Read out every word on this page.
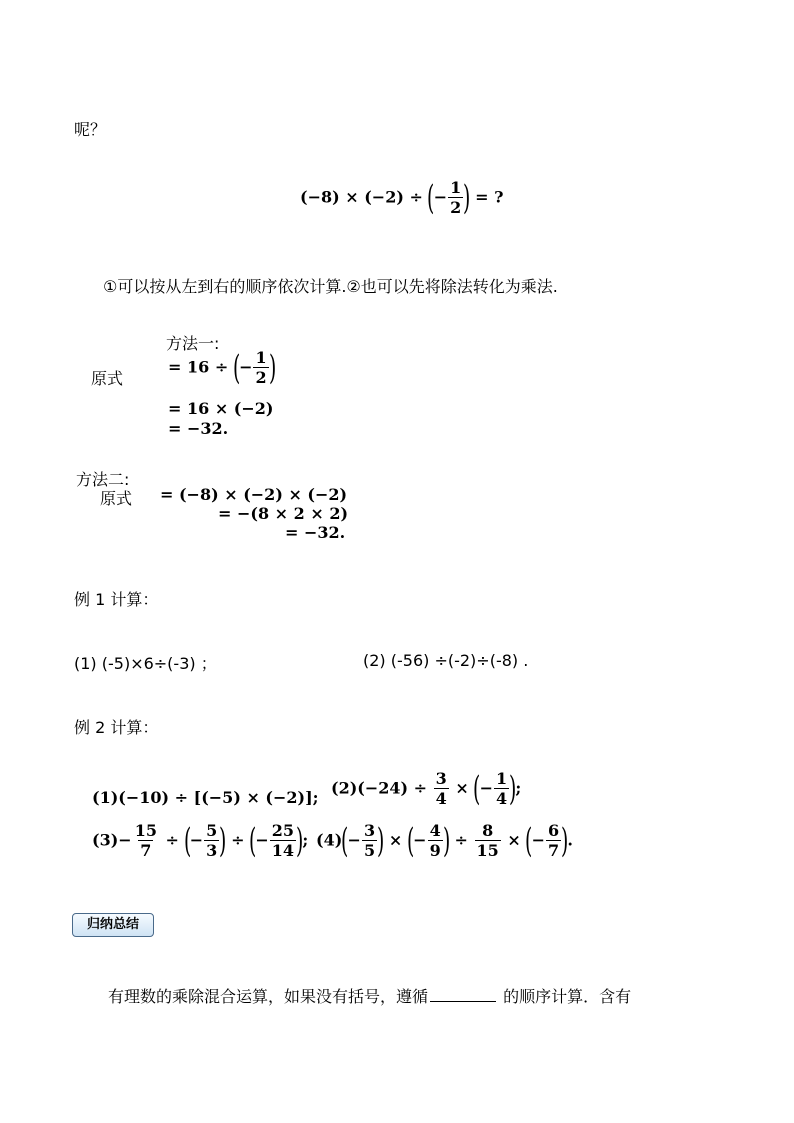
呢？
(−8) × (−2) ÷ (− $\frac{1}{2}$ ) = ?
①可以按从左到右的顺序依次计算.②也可以先将除法转化为乘法.
方法一:
原式
= 16 ÷ (− $\frac{1}{2}$ )
= 16 × (−2)
= −32.
方法二:
原式 = (−8) × (−2) × (−2)
= −(8 × 2 × 2)
= −32.
例 1 计算：
(1) (-5)×6÷(-3) ；	(2) (-56) ÷(-2)÷(-8) .
例 2 计算：
(1)(−10) ÷ [(−5) × (−2)]; $(2)(-24) \div \frac{3}{4}$ × (− $\frac{1}{4}$ );
$(3)- \frac{15}{7}$ ÷ (− $\frac{5}{3}$ ) ÷ (− $\frac{25}{14}$ ); $(4)(- \frac{3}{5}$ ) × (− $\frac{4}{9}$ ) ÷ $\frac{8}{15}$ × (− $\frac{6}{7}$ ).
归纳总结
有理数的乘除混合运算，如果没有括号，遵循	的顺序计算．含有
